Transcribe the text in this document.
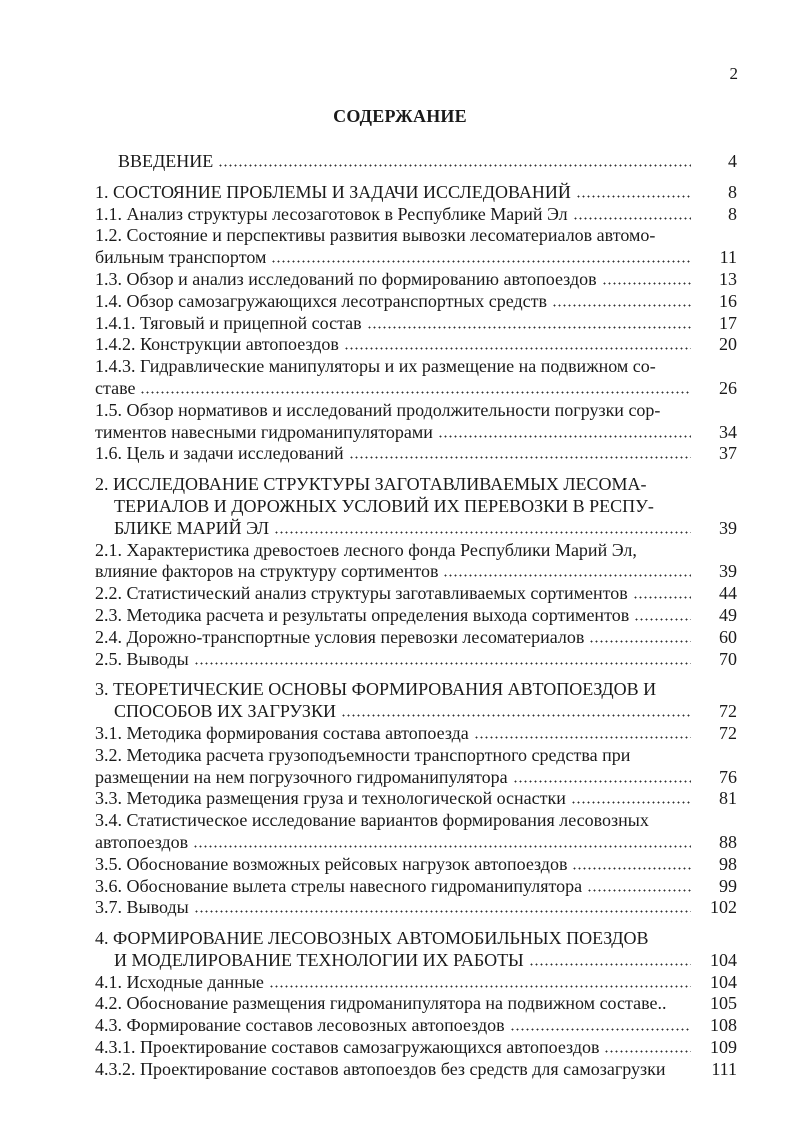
2
СОДЕРЖАНИЕ
ВВЕДЕНИЕ	4
1. СОСТОЯНИЕ ПРОБЛЕМЫ И ЗАДАЧИ ИССЛЕДОВАНИЙ	8
1.1. Анализ структуры лесозаготовок в Республике Марий Эл	8
1.2. Состояние и перспективы развития вывозки лесоматериалов автомо-
бильным транспортом	11
1.3. Обзор и анализ исследований по формированию автопоездов	13
1.4. Обзор самозагружающихся лесотранспортных средств	16
1.4.1. Тяговый и прицепной состав	17
1.4.2. Конструкции автопоездов	20
1.4.3. Гидравлические манипуляторы и их размещение на подвижном со-
ставе	26
1.5. Обзор нормативов и исследований продолжительности погрузки сор-
тиментов навесными гидроманипуляторами	34
1.6. Цель и задачи исследований	37
2. ИССЛЕДОВАНИЕ СТРУКТУРЫ ЗАГОТАВЛИВАЕМЫХ ЛЕСОМА-
ТЕРИАЛОВ И ДОРОЖНЫХ УСЛОВИЙ ИХ ПЕРЕВОЗКИ В РЕСПУ-
БЛИКЕ МАРИЙ ЭЛ	39
2.1. Характеристика древостоев лесного фонда Республики Марий Эл,
влияние факторов на структуру сортиментов	39
2.2. Статистический анализ структуры заготавливаемых сортиментов	44
2.3. Методика расчета и результаты определения выхода сортиментов	49
2.4. Дорожно-транспортные условия перевозки лесоматериалов	60
2.5. Выводы	70
3. ТЕОРЕТИЧЕСКИЕ ОСНОВЫ ФОРМИРОВАНИЯ АВТОПОЕЗДОВ И
СПОСОБОВ ИХ ЗАГРУЗКИ	72
3.1. Методика формирования состава автопоезда	72
3.2. Методика расчета грузоподъемности транспортного средства при
размещении на нем погрузочного гидроманипулятора	76
3.3. Методика размещения груза и технологической оснастки	81
3.4. Статистическое исследование вариантов формирования лесовозных
автопоездов	88
3.5. Обоснование возможных рейсовых нагрузок автопоездов	98
3.6. Обоснование вылета стрелы навесного гидроманипулятора	99
3.7. Выводы	102
4. ФОРМИРОВАНИЕ ЛЕСОВОЗНЫХ АВТОМОБИЛЬНЫХ ПОЕЗДОВ
И МОДЕЛИРОВАНИЕ ТЕХНОЛОГИИ ИХ РАБОТЫ	104
4.1. Исходные данные	104
4.2. Обоснование размещения гидроманипулятора на подвижном составе..	105
4.3. Формирование составов лесовозных автопоездов	108
4.3.1. Проектирование составов самозагружающихся автопоездов	109
4.3.2. Проектирование составов автопоездов без средств для самозагрузки	111
